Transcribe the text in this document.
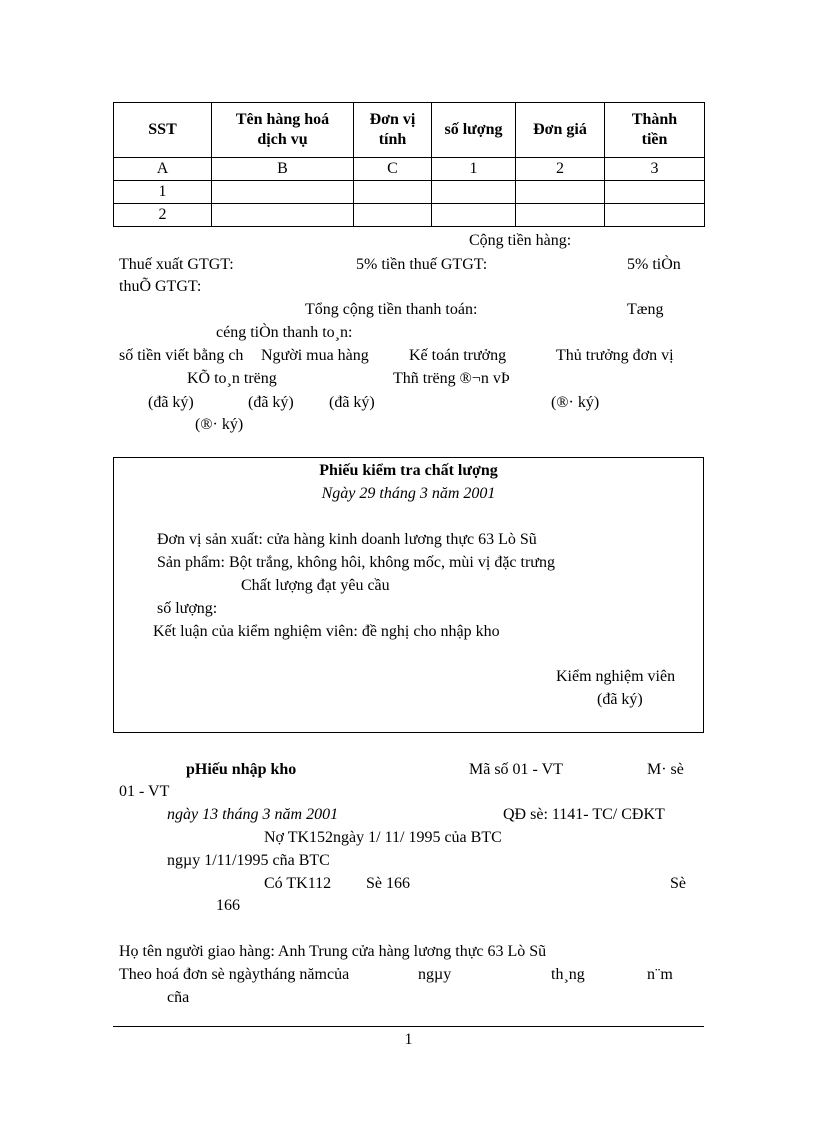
SST	Tên hàng hoá dịch vụ	Đơn vị tính	số lượng	Đơn giá	Thành tiền
A	B	C	1	2	3
1					
2					
Cộng tiền hàng:
Thuế xuất GTGT:	5% tiền thuế GTGT:	5% tiÒn
thuÕ GTGT:
Tổng cộng tiền thanh toán:	Tæng
céng tiÒn thanh to¸n:
số tiền viết bằng ch Người mua hàng	Kế toán trưởng	Thủ trưởng đơn vị
KÕ to¸n trëng	Thñ trëng ®¬n vÞ
(đã ký)	(đã ký) (đã ký)	(®· ký)
(®· ký)
Phiếu kiểm tra chất lượng
Ngày 29 tháng 3 năm 2001
Đơn vị sản xuất: cửa hàng kinh doanh lương thực 63 Lò Sũ
Sản phẩm: Bột trắng, không hôi, không mốc, mùi vị đặc trưng
Chất lượng đạt yêu cầu
số lượng:
Kết luận của kiểm nghiệm viên: đề nghị cho nhập kho
Kiểm nghiệm viên
(đã ký)
pHiếu nhập kho	Mã số 01 - VT	M· sè
01 - VT
ngày 13 tháng 3 năm 2001	QĐ sè: 1141- TC/ CĐKT
Nợ TK152ngày 1/ 11/ 1995 của BTC
ngµy 1/11/1995 cña BTC
Có TK112 Sè 166	Sè
166
Họ tên người giao hàng: Anh Trung cửa hàng lương thực 63 Lò Sũ
Theo hoá đơn sè ngàytháng nămcủa	ngµy	th¸ng	n¨m
cña
1
